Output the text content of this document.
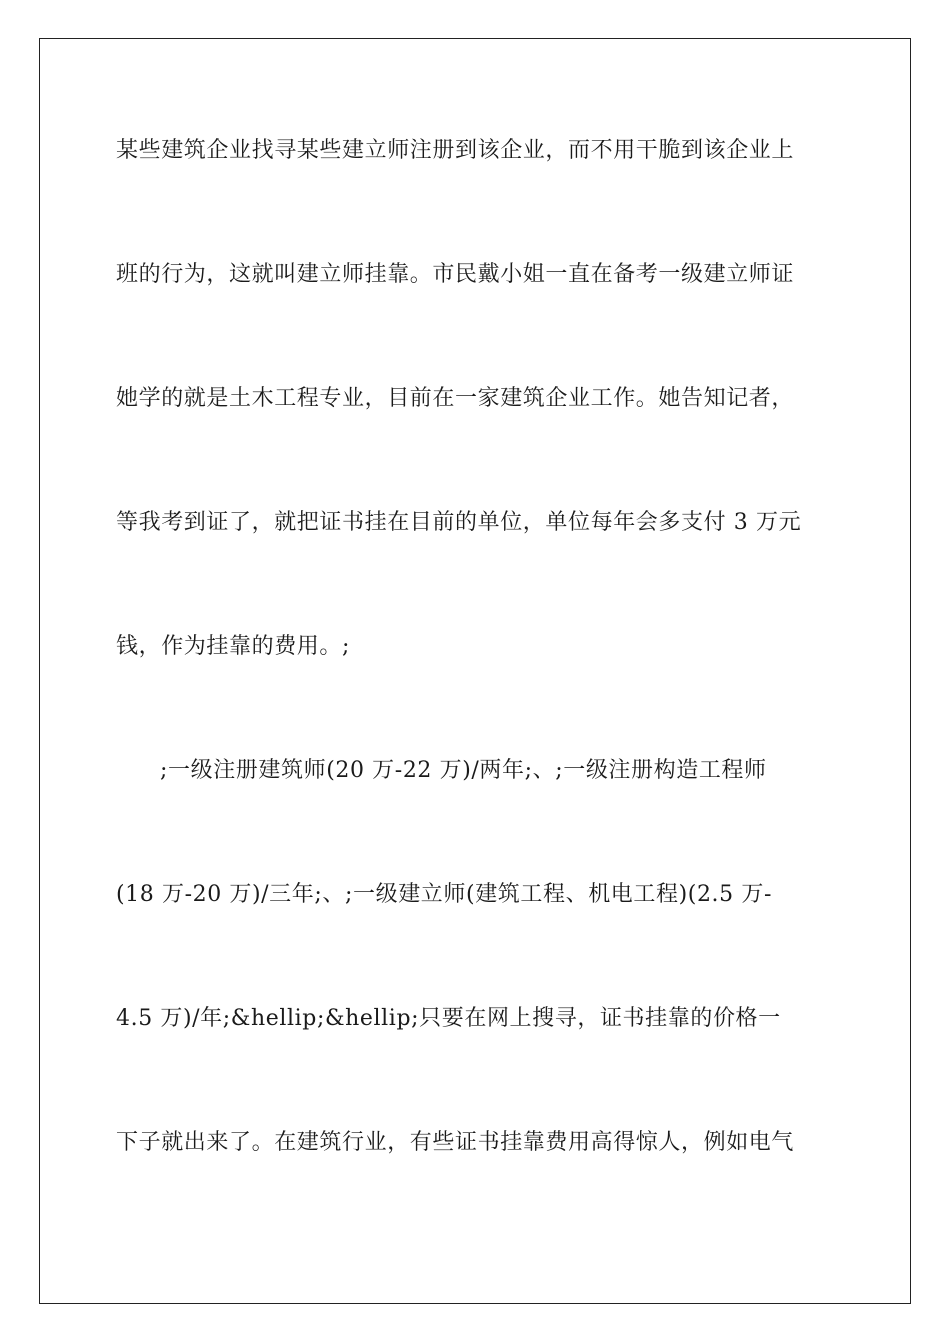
某些建筑企业找寻某些建立师注册到该企业，而不用干脆到该企业上
班的行为，这就叫建立师挂靠。市民戴小姐一直在备考一级建立师证
她学的就是土木工程专业，目前在一家建筑企业工作。她告知记者，
等我考到证了，就把证书挂在目前的单位，单位每年会多支付 3 万元
钱，作为挂靠的费用。;
;一级注册建筑师(20 万-22 万)/两年;、;一级注册构造工程师
(18 万-20 万)/三年;、;一级建立师(建筑工程、机电工程)(2.5 万-
4.5 万)/年;&hellip;&hellip;只要在网上搜寻，证书挂靠的价格一
下子就出来了。在建筑行业，有些证书挂靠费用高得惊人，例如电气
